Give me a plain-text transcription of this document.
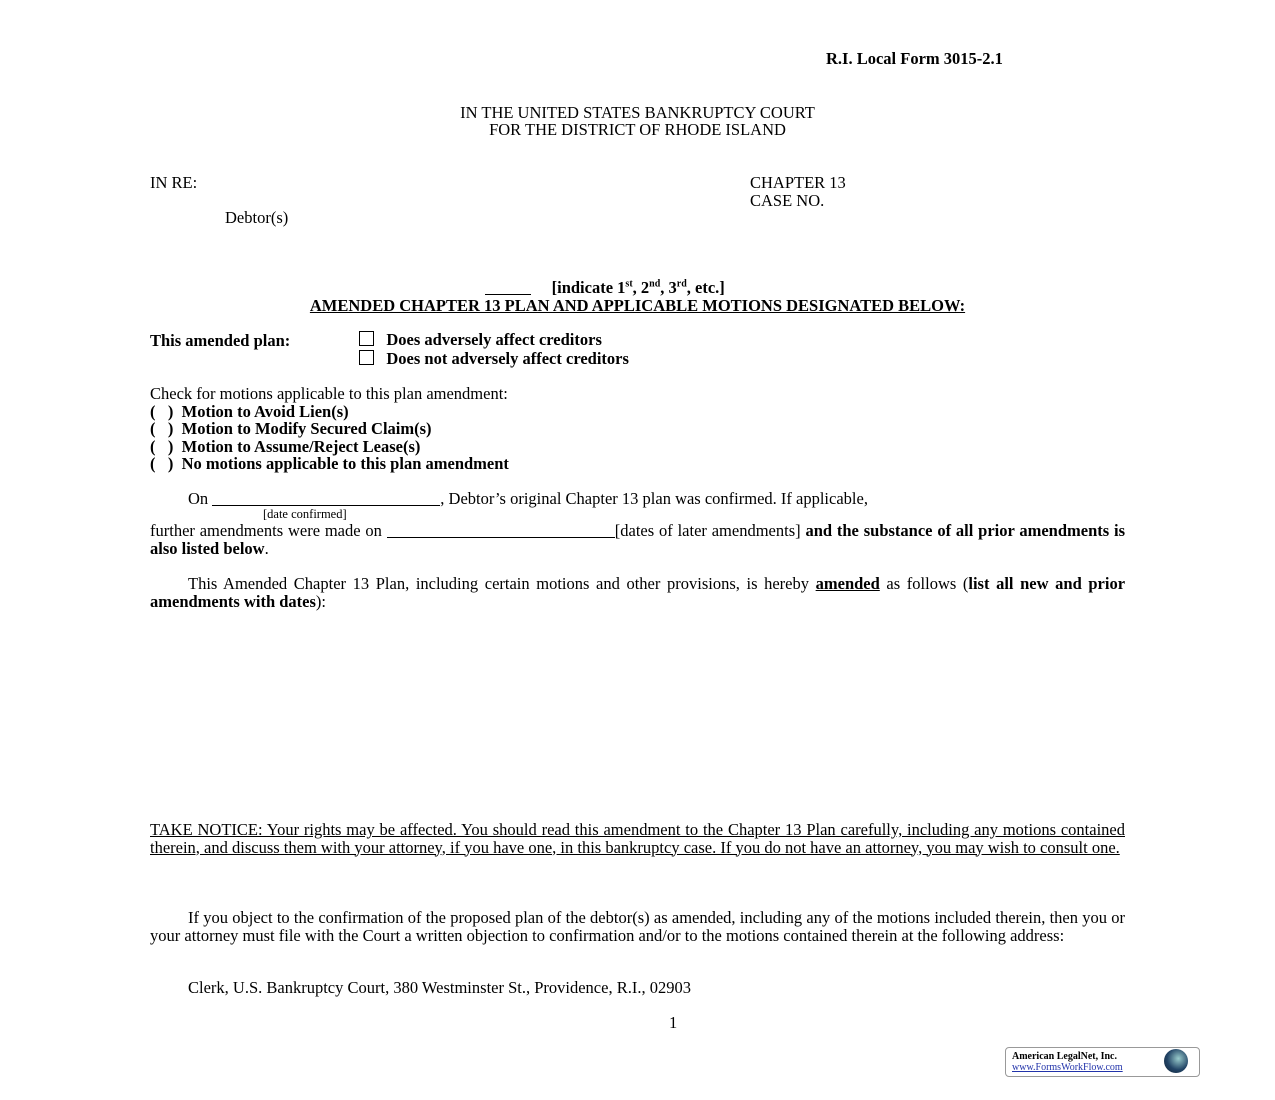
R.I. Local Form 3015-2.1
IN THE UNITED STATES BANKRUPTCY COURT
FOR THE DISTRICT OF RHODE ISLAND
IN RE:
Debtor(s)
CHAPTER 13
CASE NO.
[indicate 1st, 2nd, 3rd, etc.]
AMENDED CHAPTER 13 PLAN AND APPLICABLE MOTIONS DESIGNATED BELOW:
This amended plan:	Does adversely affect creditors
Does not adversely affect creditors
Check for motions applicable to this plan amendment:
(   ) Motion to Avoid Lien(s)
(   ) Motion to Modify Secured Claim(s)
(   ) Motion to Assume/Reject Lease(s)
(   ) No motions applicable to this plan amendment
On	, Debtor’s original Chapter 13 plan was confirmed. If applicable,
[date confirmed]
further amendments were made on	[dates of later amendments] and the substance of all prior amendments is also listed below.
This Amended Chapter 13 Plan, including certain motions and other provisions, is hereby amended as follows (list all new and prior amendments with dates):
TAKE NOTICE: Your rights may be affected. You should read this amendment to the Chapter 13 Plan carefully, including any motions contained therein, and discuss them with your attorney, if you have one, in this bankruptcy case. If you do not have an attorney, you may wish to consult one.
If you object to the confirmation of the proposed plan of the debtor(s) as amended, including any of the motions included therein, then you or your attorney must file with the Court a written objection to confirmation and/or to the motions contained therein at the following address:
Clerk, U.S. Bankruptcy Court, 380 Westminster St., Providence, R.I., 02903
1
American LegalNet, Inc.
www.FormsWorkFlow.com
